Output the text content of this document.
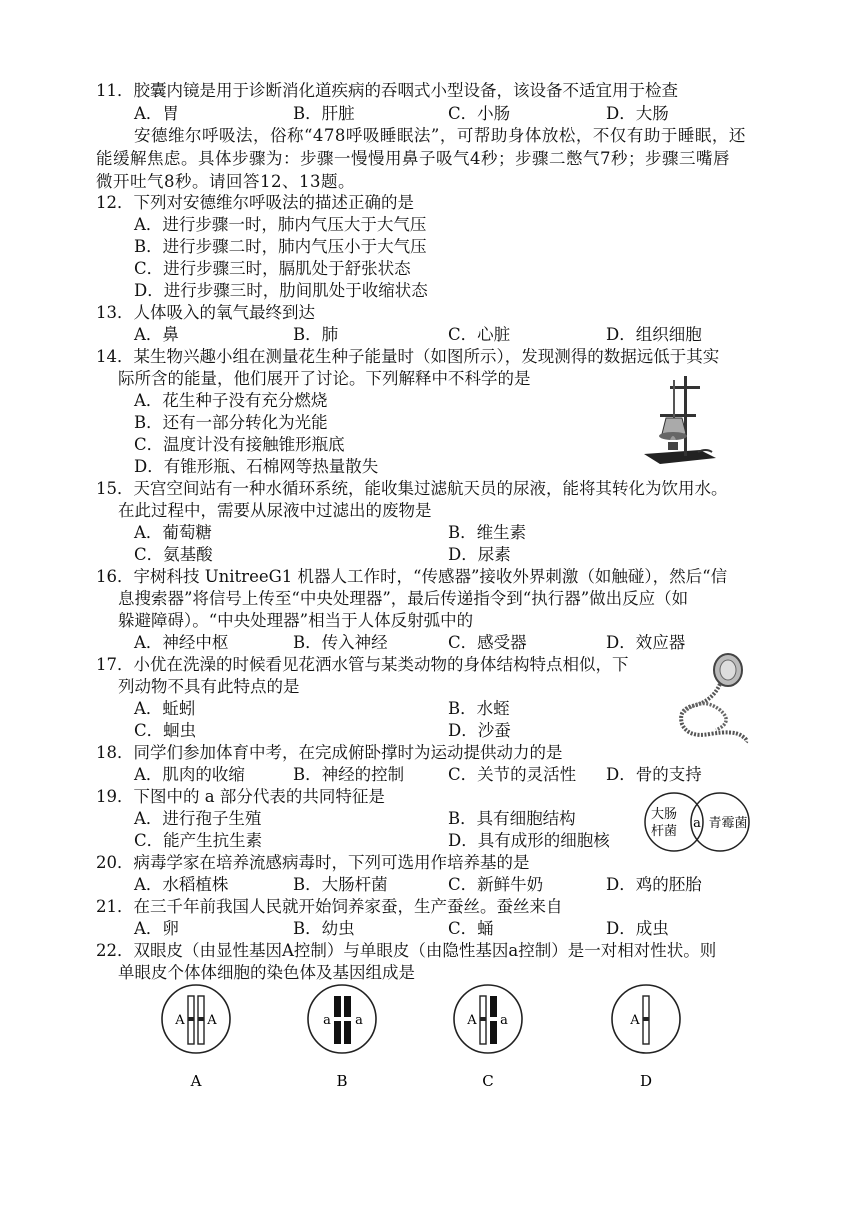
11．胶囊内镜是用于诊断消化道疾病的吞咽式小型设备，该设备不适宜用于检查
A．胃	B．肝脏	C．小肠	D．大肠
安德维尔呼吸法，俗称“478呼吸睡眠法”，可帮助身体放松，不仅有助于睡眠，还
能缓解焦虑。具体步骤为：步骤一慢慢用鼻子吸气4秒；步骤二憋气7秒；步骤三嘴唇
微开吐气8秒。请回答12、13题。
12．下列对安德维尔呼吸法的描述正确的是
A．进行步骤一时，肺内气压大于大气压
B．进行步骤二时，肺内气压小于大气压
C．进行步骤三时，膈肌处于舒张状态
D．进行步骤三时，肋间肌处于收缩状态
13．人体吸入的氧气最终到达
A．鼻	B．肺	C．心脏	D．组织细胞
14．某生物兴趣小组在测量花生种子能量时（如图所示），发现测得的数据远低于其实
际所含的能量，他们展开了讨论。下列解释中不科学的是
A．花生种子没有充分燃烧
B．还有一部分转化为光能
C．温度计没有接触锥形瓶底
D．有锥形瓶、石棉网等热量散失
15．天宫空间站有一种水循环系统，能收集过滤航天员的尿液，能将其转化为饮用水。
在此过程中，需要从尿液中过滤出的废物是
A．葡萄糖	B．维生素
C．氨基酸	D．尿素
16．宇树科技 UnitreeG1 机器人工作时，“传感器”接收外界刺激（如触碰），然后“信
息搜索器”将信号上传至“中央处理器”，最后传递指令到“执行器”做出反应（如
躲避障碍）。“中央处理器”相当于人体反射弧中的
A．神经中枢	B．传入神经	C．感受器	D．效应器
17．小优在洗澡的时候看见花洒水管与某类动物的身体结构特点相似，下
列动物不具有此特点的是
A．蚯蚓	B．水蛭
C．蛔虫	D．沙蚕
18．同学们参加体育中考，在完成俯卧撑时为运动提供动力的是
A．肌肉的收缩	B．神经的控制	C．关节的灵活性 D．骨的支持
19．下图中的 a 部分代表的共同特征是
A．进行孢子生殖	B．具有细胞结构
C．能产生抗生素	D．具有成形的细胞核
大肠
杆菌
a 青霉菌
20．病毒学家在培养流感病毒时，下列可选用作培养基的是
A．水稻植株	B．大肠杆菌	C．新鲜牛奶	D．鸡的胚胎
21．在三千年前我国人民就开始饲养家蚕，生产蚕丝。蚕丝来自
A．卵	B．幼虫	C．蛹	D．成虫
22．双眼皮（由显性基因A控制）与单眼皮（由隐性基因a控制）是一对相对性状。则
单眼皮个体体细胞的染色体及基因组成是
A A
A
a a
B
A a
C
A
D
